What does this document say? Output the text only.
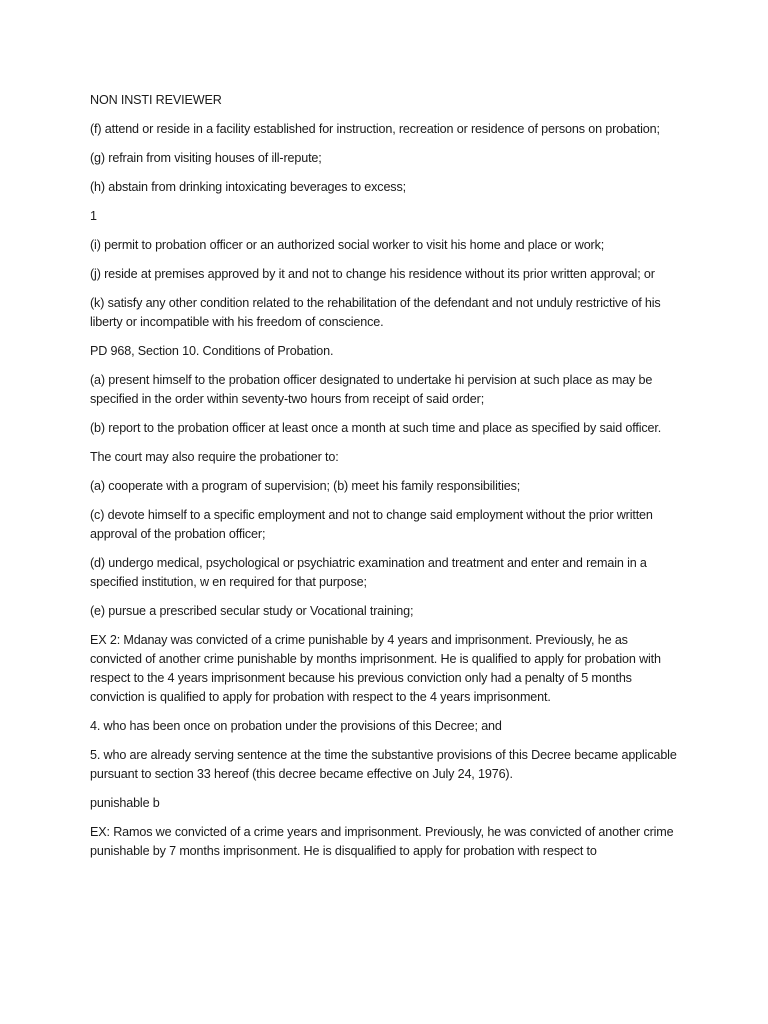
NON INSTI REVIEWER

(f) attend or reside in a facility established for instruction, recreation or residence of persons on probation;

(g) refrain from visiting houses of ill-repute;

(h) abstain from drinking intoxicating beverages to excess;

1

(i) permit to probation officer or an authorized social worker to visit his home and place or work;

(j) reside at premises approved by it and not to change his residence without its prior written approval; or

(k) satisfy any other condition related to the rehabilitation of the defendant and not unduly restrictive of his liberty or incompatible with his freedom of conscience.

PD 968, Section 10. Conditions of Probation.

(a) present himself to the probation officer designated to undertake hi pervision at such place as may be specified in the order within seventy-two hours from receipt of said order;

(b) report to the probation officer at least once a month at such time and place as specified by said officer.

The court may also require the probationer to:

(a) cooperate with a program of supervision; (b) meet his family responsibilities;

(c) devote himself to a specific employment and not to change said employment without the prior written approval of the probation officer;

(d) undergo medical, psychological or psychiatric examination and treatment and enter and remain in a specified institution, w en required for that purpose;

(e) pursue a prescribed secular study or Vocational training;

EX 2: Mdanay was convicted of a crime punishable by 4 years and imprisonment. Previously, he as convicted of another crime punishable by months imprisonment. He is qualified to apply for probation with respect to the 4 years imprisonment because his previous conviction only had a penalty of 5 months conviction is qualified to apply for probation with respect to the 4 years imprisonment.

4. who has been once on probation under the provisions of this Decree; and

5. who are already serving sentence at the time the substantive provisions of this Decree became applicable pursuant to section 33 hereof (this decree became effective on July 24, 1976).

punishable b

EX: Ramos we convicted of a crime years and imprisonment. Previously, he was convicted of another crime punishable by 7 months imprisonment. He is disqualified to apply for probation with respect to
